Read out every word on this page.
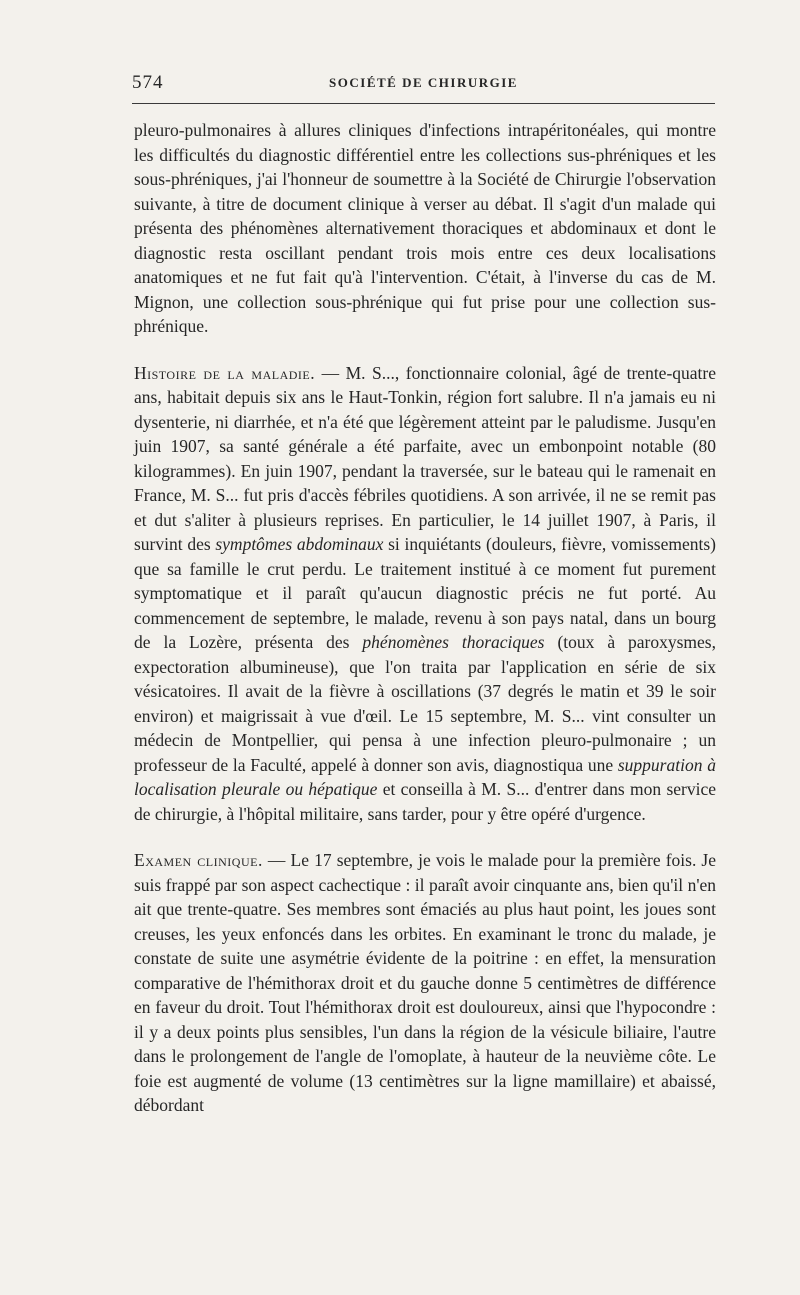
574	SOCIÉTÉ DE CHIRURGIE

pleuro-pulmonaires à allures cliniques d'infections intrapéritonéales, qui montre les difficultés du diagnostic différentiel entre les collections sus-phréniques et les sous-phréniques, j'ai l'honneur de soumettre à la Société de Chirurgie l'observation suivante, à titre de document clinique à verser au débat. Il s'agit d'un malade qui présenta des phénomènes alternativement thoraciques et abdominaux et dont le diagnostic resta oscillant pendant trois mois entre ces deux localisations anatomiques et ne fut fait qu'à l'intervention. C'était, à l'inverse du cas de M. Mignon, une collection sous-phrénique qui fut prise pour une collection sus-phrénique.

Histoire de la maladie. — M. S..., fonctionnaire colonial, âgé de trente-quatre ans, habitait depuis six ans le Haut-Tonkin, région fort salubre. Il n'a jamais eu ni dysenterie, ni diarrhée, et n'a été que légèrement atteint par le paludisme. Jusqu'en juin 1907, sa santé générale a été parfaite, avec un embonpoint notable (80 kilogrammes). En juin 1907, pendant la traversée, sur le bateau qui le ramenait en France, M. S... fut pris d'accès fébriles quotidiens. A son arrivée, il ne se remit pas et dut s'aliter à plusieurs reprises. En particulier, le 14 juillet 1907, à Paris, il survint des symptômes abdominaux si inquiétants (douleurs, fièvre, vomissements) que sa famille le crut perdu. Le traitement institué à ce moment fut purement symptomatique et il paraît qu'aucun diagnostic précis ne fut porté. Au commencement de septembre, le malade, revenu à son pays natal, dans un bourg de la Lozère, présenta des phénomènes thoraciques (toux à paroxysmes, expectoration albumineuse), que l'on traita par l'application en série de six vésicatoires. Il avait de la fièvre à oscillations (37 degrés le matin et 39 le soir environ) et maigrissait à vue d'œil. Le 15 septembre, M. S... vint consulter un médecin de Montpellier, qui pensa à une infection pleuro-pulmonaire ; un professeur de la Faculté, appelé à donner son avis, diagnostiqua une suppuration à localisation pleurale ou hépatique et conseilla à M. S... d'entrer dans mon service de chirurgie, à l'hôpital militaire, sans tarder, pour y être opéré d'urgence.

Examen clinique. — Le 17 septembre, je vois le malade pour la première fois. Je suis frappé par son aspect cachectique : il paraît avoir cinquante ans, bien qu'il n'en ait que trente-quatre. Ses membres sont émaciés au plus haut point, les joues sont creuses, les yeux enfoncés dans les orbites. En examinant le tronc du malade, je constate de suite une asymétrie évidente de la poitrine : en effet, la mensuration comparative de l'hémithorax droit et du gauche donne 5 centimètres de différence en faveur du droit. Tout l'hémithorax droit est douloureux, ainsi que l'hypocondre : il y a deux points plus sensibles, l'un dans la région de la vésicule biliaire, l'autre dans le prolongement de l'angle de l'omoplate, à hauteur de la neuvième côte. Le foie est augmenté de volume (13 centimètres sur la ligne mamillaire) et abaissé, débordant
